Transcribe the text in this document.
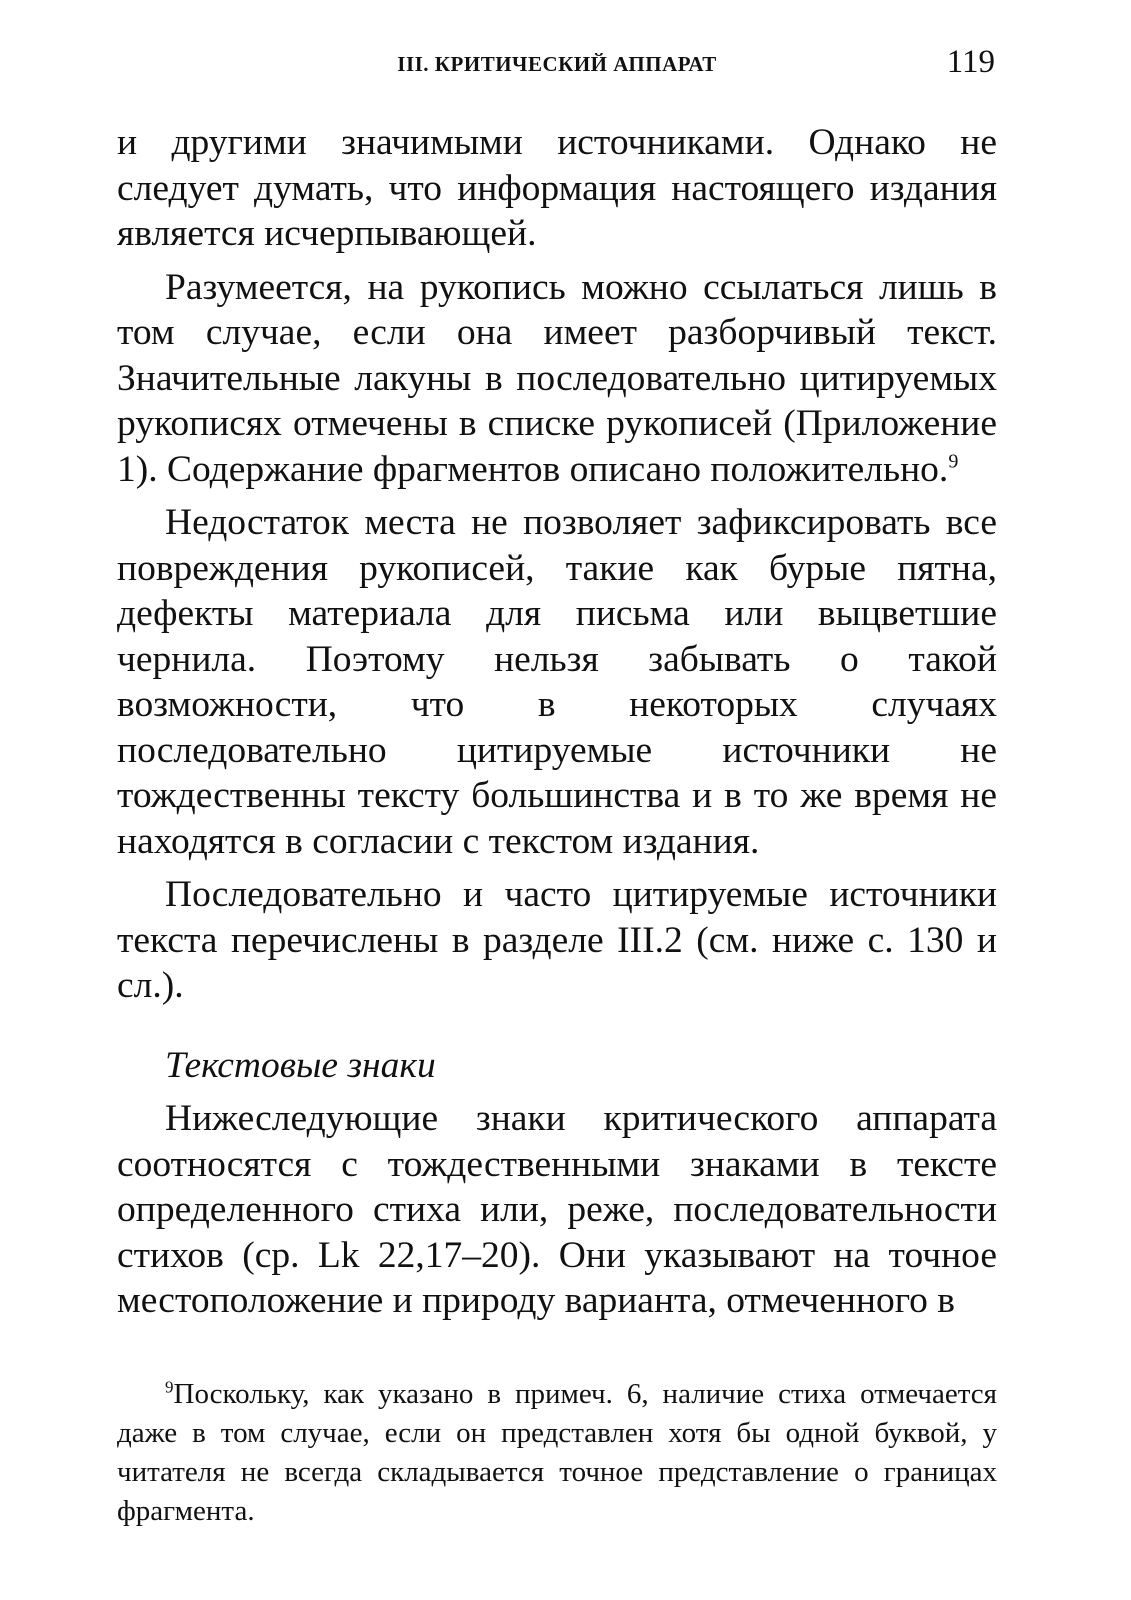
III. КРИТИЧЕСКИЙ АППАРАТ	119

и другими значимыми источниками. Однако не следует думать, что информация настоящего издания является исчерпывающей.

Разумеется, на рукопись можно ссылаться лишь в том случае, если она имеет разборчивый текст. Значительные лакуны в последовательно цитируемых рукописях отмечены в списке рукописей (Приложение 1). Содержание фрагментов описано положительно.$^9$

Недостаток места не позволяет зафиксировать все повреждения рукописей, такие как бурые пятна, дефекты материала для письма или выцветшие чернила. Поэтому нельзя забывать о такой возможности, что в некоторых случаях последовательно цитируемые источники не тождественны тексту большинства и в то же время не находятся в согласии с текстом издания.

Последовательно и часто цитируемые источники текста перечислены в разделе III.2 (см. ниже с. 130 и сл.).

Текстовые знаки

Нижеследующие знаки критического аппарата соотносятся с тождественными знаками в тексте определенного стиха или, реже, последовательности стихов (ср. Lk 22,17–20). Они указывают на точное местоположение и природу варианта, отмеченного в

$^9$Поскольку, как указано в примеч. 6, наличие стиха отмечается даже в том случае, если он представлен хотя бы одной буквой, у читателя не всегда складывается точное представление о границах фрагмента.
